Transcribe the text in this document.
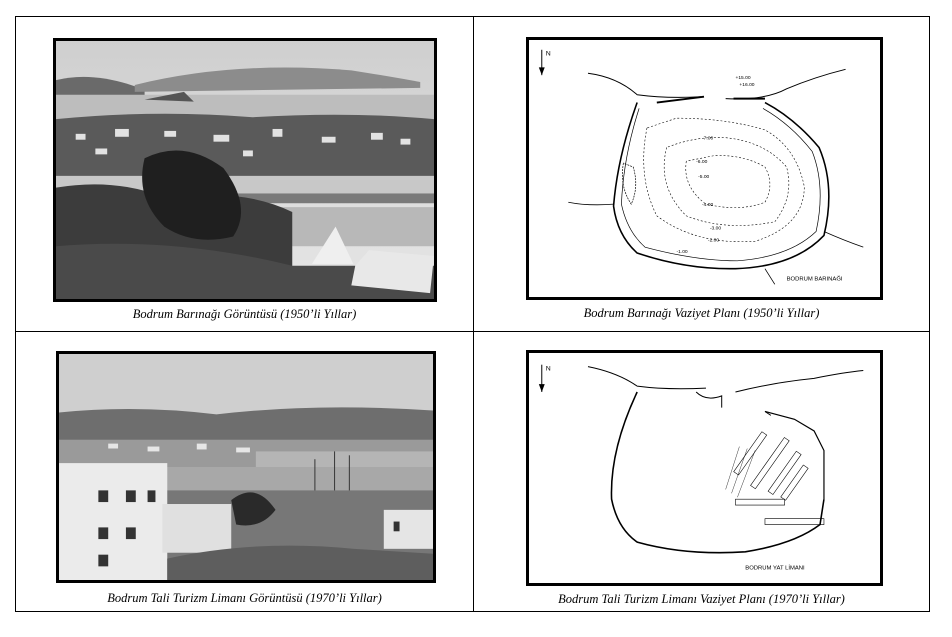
Bodrum Barınağı Görüntüsü (1950’li Yıllar)
N
+15.00
+16.00
-7.00
-6.00
-5.00
-4.00
-3.00
-2.00
-1.00
BODRUM BARINAĞI
Bodrum Barınağı Vaziyet Planı (1950’li Yıllar)
Bodrum Tali Turizm Limanı Görüntüsü (1970’li Yıllar)
N
BODRUM YAT LİMANI
Bodrum Tali Turizm Limanı Vaziyet Planı (1970’li Yıllar)
